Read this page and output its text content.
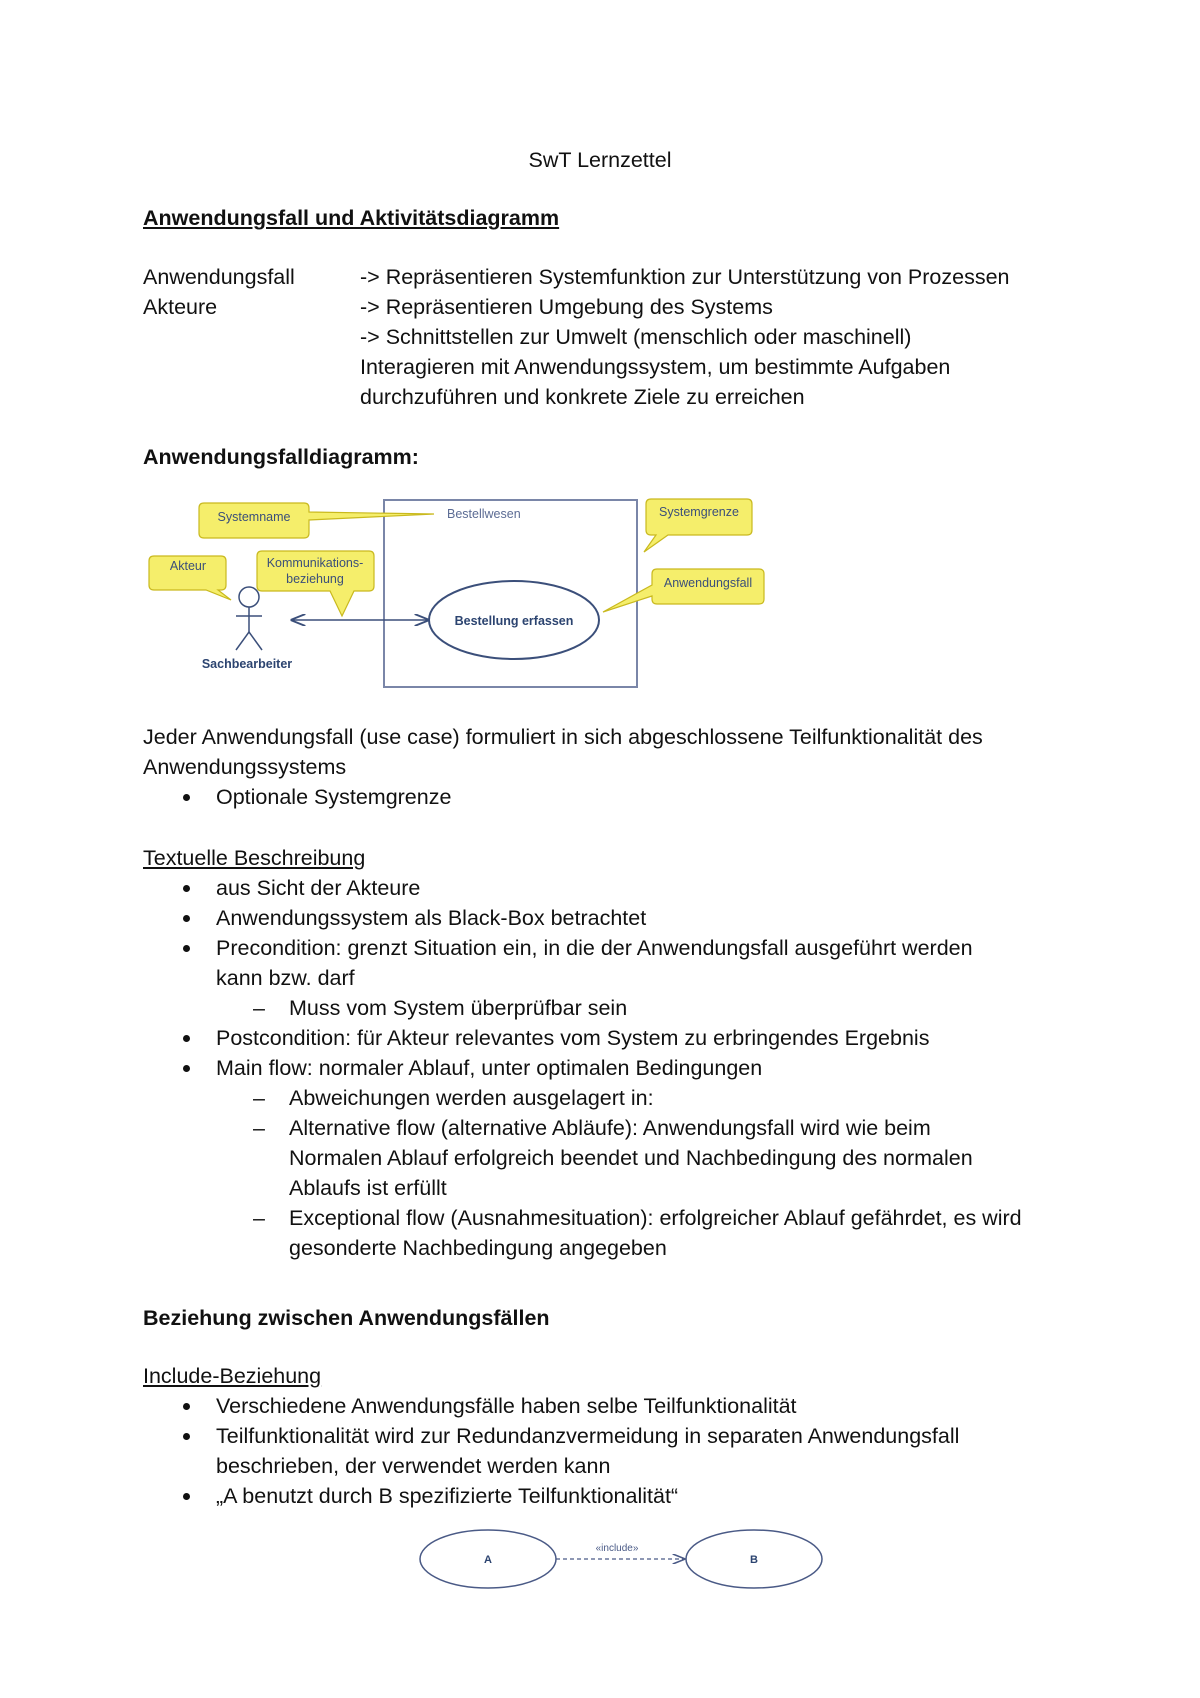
SwT Lernzettel
Anwendungsfall und Aktivitätsdiagramm
Anwendungsfall	-> Repräsentieren Systemfunktion zur Unterstützung von Prozessen
Akteure	-> Repräsentieren Umgebung des Systems
-> Schnittstellen zur Umwelt (menschlich oder maschinell)
Interagieren mit Anwendungssystem, um bestimmte Aufgaben
durchzuführen und konkrete Ziele zu erreichen
Anwendungsfalldiagramm:
Bestellwesen
Bestellung erfassen
Sachbearbeiter
Systemname
Akteur	Kommunikations-
beziehung
Systemgrenze
Anwendungsfall
Jeder Anwendungsfall (use case) formuliert in sich abgeschlossene Teilfunktionalität des
Anwendungssystems
Optionale Systemgrenze
Textuelle Beschreibung
aus Sicht der Akteure
Anwendungssystem als Black-Box betrachtet
Precondition: grenzt Situation ein, in die der Anwendungsfall ausgeführt werden
kann bzw. darf
– Muss vom System überprüfbar sein
Postcondition: für Akteur relevantes vom System zu erbringendes Ergebnis
Main flow: normaler Ablauf, unter optimalen Bedingungen
– Abweichungen werden ausgelagert in:
– Alternative flow (alternative Abläufe): Anwendungsfall wird wie beim
Normalen Ablauf erfolgreich beendet und Nachbedingung des normalen
Ablaufs ist erfüllt
– Exceptional flow (Ausnahmesituation): erfolgreicher Ablauf gefährdet, es wird
gesonderte Nachbedingung angegeben
Beziehung zwischen Anwendungsfällen
Include-Beziehung
Verschiedene Anwendungsfälle haben selbe Teilfunktionalität
Teilfunktionalität wird zur Redundanzvermeidung in separaten Anwendungsfall
beschrieben, der verwendet werden kann
„A benutzt durch B spezifizierte Teilfunktionalität“
A	B
«include»
